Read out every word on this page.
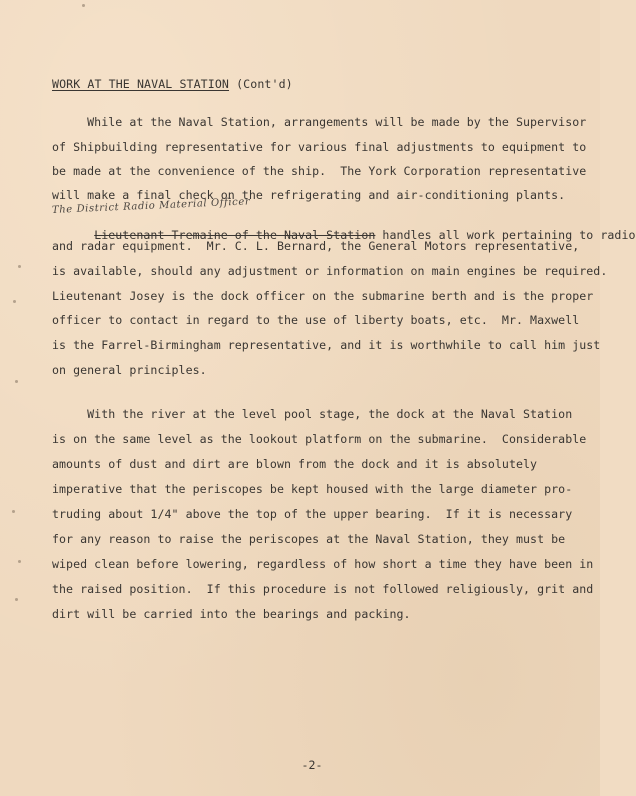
WORK AT THE NAVAL STATION (Cont'd)
While at the Naval Station, arrangements will be made by the Supervisor
of Shipbuilding representative for various final adjustments to equipment to
be made at the convenience of the ship.  The York Corporation representative
will make a final check on the refrigerating and air-conditioning plants.
The District Radio Material Officer

Lieutenant Tremaine of the Naval Station handles all work pertaining to radio

and radar equipment.  Mr. C. L. Bernard, the General Motors representative,
is available, should any adjustment or information on main engines be required.
Lieutenant Josey is the dock officer on the submarine berth and is the proper
officer to contact in regard to the use of liberty boats, etc.  Mr. Maxwell
is the Farrel-Birmingham representative, and it is worthwhile to call him just
on general principles.
With the river at the level pool stage, the dock at the Naval Station
is on the same level as the lookout platform on the submarine.  Considerable
amounts of dust and dirt are blown from the dock and it is absolutely
imperative that the periscopes be kept housed with the large diameter pro-
truding about 1/4" above the top of the upper bearing.  If it is necessary
for any reason to raise the periscopes at the Naval Station, they must be
wiped clean before lowering, regardless of how short a time they have been in
the raised position.  If this procedure is not followed religiously, grit and
dirt will be carried into the bearings and packing.
-2-
